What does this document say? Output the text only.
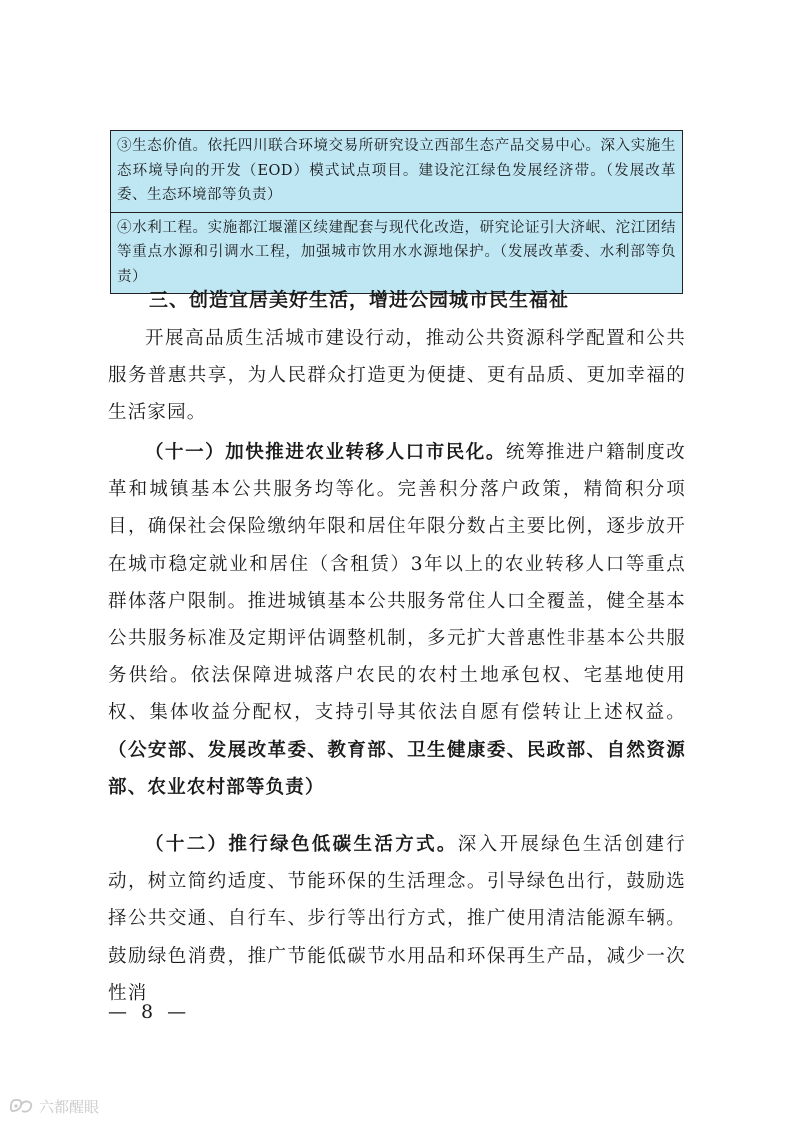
③生态价值。依托四川联合环境交易所研究设立西部生态产品交易中心。深入实施生态环境导向的开发（EOD）模式试点项目。建设沱江绿色发展经济带。（发展改革委、生态环境部等负责）
④水利工程。实施都江堰灌区续建配套与现代化改造，研究论证引大济岷、沱江团结等重点水源和引调水工程，加强城市饮用水水源地保护。（发展改革委、水利部等负责）
三、创造宜居美好生活，增进公园城市民生福祉

开展高品质生活城市建设行动，推动公共资源科学配置和公共服务普惠共享，为人民群众打造更为便捷、更有品质、更加幸福的生活家园。

（十一）加快推进农业转移人口市民化。统筹推进户籍制度改革和城镇基本公共服务均等化。完善积分落户政策，精简积分项目，确保社会保险缴纳年限和居住年限分数占主要比例，逐步放开在城市稳定就业和居住（含租赁）3年以上的农业转移人口等重点群体落户限制。推进城镇基本公共服务常住人口全覆盖，健全基本公共服务标准及定期评估调整机制，多元扩大普惠性非基本公共服务供给。依法保障进城落户农民的农村土地承包权、宅基地使用权、集体收益分配权，支持引导其依法自愿有偿转让上述权益。（公安部、发展改革委、教育部、卫生健康委、民政部、自然资源部、农业农村部等负责）

（十二）推行绿色低碳生活方式。深入开展绿色生活创建行动，树立简约适度、节能环保的生活理念。引导绿色出行，鼓励选择公共交通、自行车、步行等出行方式，推广使用清洁能源车辆。鼓励绿色消费，推广节能低碳节水用品和环保再生产品，减少一次性消

— 8 —
六都醒眼
